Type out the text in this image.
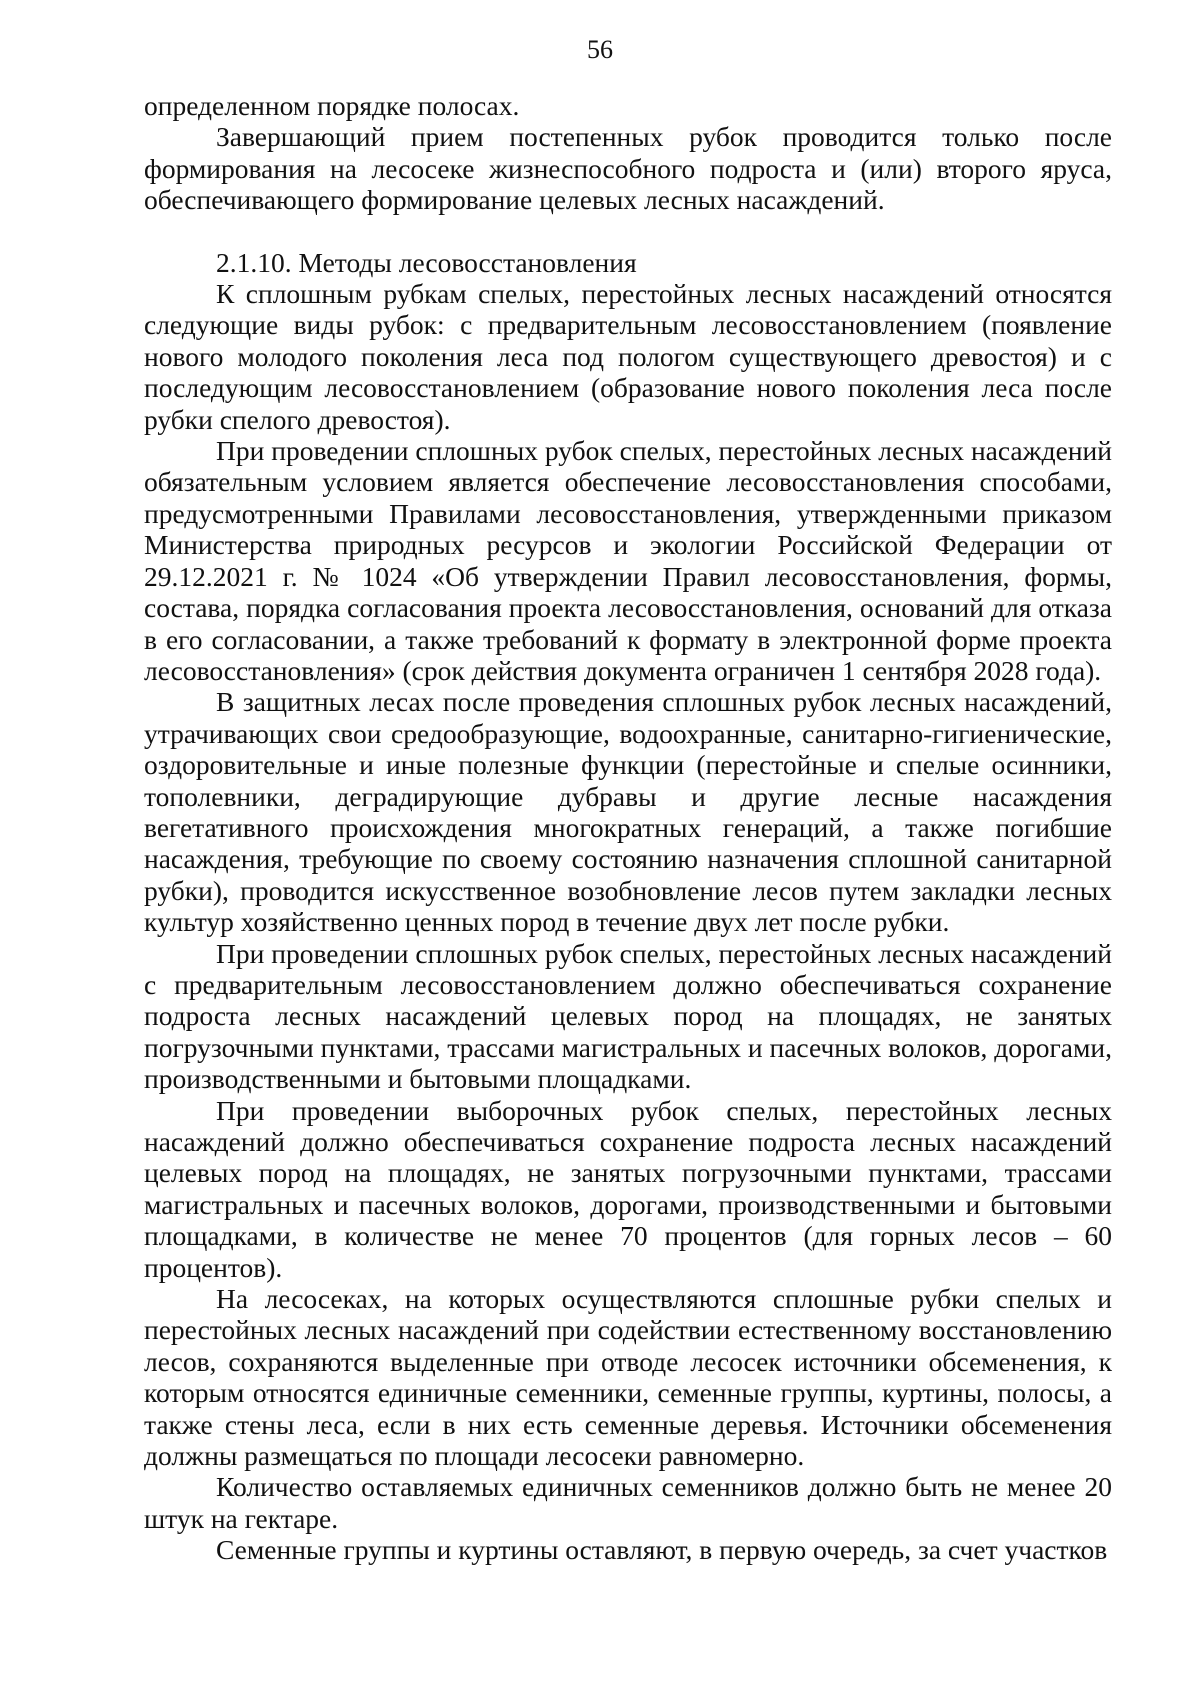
56

определенном порядке полосах.

Завершающий прием постепенных рубок проводится только после формирования на лесосеке жизнеспособного подроста и (или) второго яруса, обеспечивающего формирование целевых лесных насаждений.

2.1.10. Методы лесовосстановления

К сплошным рубкам спелых, перестойных лесных насаждений относятся следующие виды рубок: с предварительным лесовосстановлением (появление нового молодого поколения леса под пологом существующего древостоя) и с последующим лесовосстановлением (образование нового поколения леса после рубки спелого древостоя).

При проведении сплошных рубок спелых, перестойных лесных насаждений обязательным условием является обеспечение лесовосстановления способами, предусмотренными Правилами лесовосстановления, утвержденными приказом Министерства природных ресурсов и экологии Российской Федерации от 29.12.2021 г. № 1024 «Об утверждении Правил лесовосстановления, формы, состава, порядка согласования проекта лесовосстановления, оснований для отказа в его согласовании, а также требований к формату в электронной форме проекта лесовосстановления» (срок действия документа ограничен 1 сентября 2028 года).

В защитных лесах после проведения сплошных рубок лесных насаждений, утрачивающих свои средообразующие, водоохранные, санитарно-гигиенические, оздоровительные и иные полезные функции (перестойные и спелые осинники, тополевники, деградирующие дубравы и другие лесные насаждения вегетативного происхождения многократных генераций, а также погибшие насаждения, требующие по своему состоянию назначения сплошной санитарной рубки), проводится искусственное возобновление лесов путем закладки лесных культур хозяйственно ценных пород в течение двух лет после рубки.

При проведении сплошных рубок спелых, перестойных лесных насаждений с предварительным лесовосстановлением должно обеспечиваться сохранение подроста лесных насаждений целевых пород на площадях, не занятых погрузочными пунктами, трассами магистральных и пасечных волоков, дорогами, производственными и бытовыми площадками.

При проведении выборочных рубок спелых, перестойных лесных насаждений должно обеспечиваться сохранение подроста лесных насаждений целевых пород на площадях, не занятых погрузочными пунктами, трассами магистральных и пасечных волоков, дорогами, производственными и бытовыми площадками, в количестве не менее 70 процентов (для горных лесов – 60 процентов).

На лесосеках, на которых осуществляются сплошные рубки спелых и перестойных лесных насаждений при содействии естественному восстановлению лесов, сохраняются выделенные при отводе лесосек источники обсеменения, к которым относятся единичные семенники, семенные группы, куртины, полосы, а также стены леса, если в них есть семенные деревья. Источники обсеменения должны размещаться по площади лесосеки равномерно.

Количество оставляемых единичных семенников должно быть не менее 20 штук на гектаре.

Семенные группы и куртины оставляют, в первую очередь, за счет участков
